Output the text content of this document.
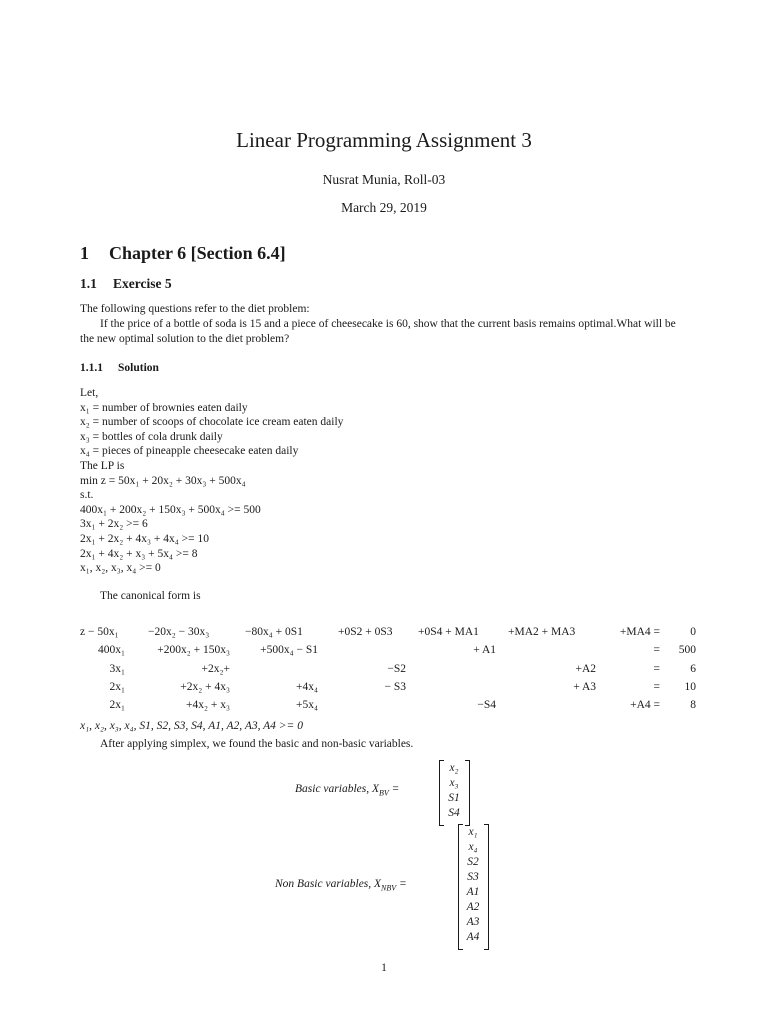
Linear Programming Assignment 3
Nusrat Munia, Roll-03
March 29, 2019
1 Chapter 6 [Section 6.4]
1.1 Exercise 5
The following questions refer to the diet problem:
If the price of a bottle of soda is 15 and a piece of cheesecake is 60, show that the current basis remains optimal.What will be the new optimal solution to the diet problem?
1.1.1 Solution
Let,
x₁ = number of brownies eaten daily
x₂ = number of scoops of chocolate ice cream eaten daily
x₃ = bottles of cola drunk daily
x₄ = pieces of pineapple cheesecake eaten daily
The LP is
min z = 50x₁ + 20x₂ + 30x₃ + 500x₄
s.t.
400x₁ + 200x₂ + 150x₃ + 500x₄ >= 500
3x₁ + 2x₂ >= 6
2x₁ + 2x₂ + 4x₃ + 4x₄ >= 10
2x₁ + 4x₂ + x₃ + 5x₄ >= 8
x₁, x₂, x₃, x₄ >= 0
The canonical form is
z − 50x₁	−20x₂ − 30x₃	−80x₄ + 0S1	+0S2 + 0S3 +0S4 + MA1	+MA2 + MA3	+MA4 =	0
400x₁	+200x₂ + 150x₃	+500x₄ − S1	+ A1	=	500
3x₁	+2x₂+	−S2	+A2	=	6
2x₁	+2x₂ + 4x₃	+4x₄	− S3	+ A3	=	10
2x₁	+4x₂ + x₃	+5x₄	−S4	+A4 =	8
x₁, x₂, x₃, x₄, S1, S2, S3, S4, A1, A2, A3, A4 >= 0
After applying simplex, we found the basic and non-basic variables.
Basic variables, $X_{BV}$ =
x₂
x₃
S1
S4
Non Basic variables, $X_{NBV}$ =
x₁
x₄
S2
S3
A1
A2
A3
A4
1
